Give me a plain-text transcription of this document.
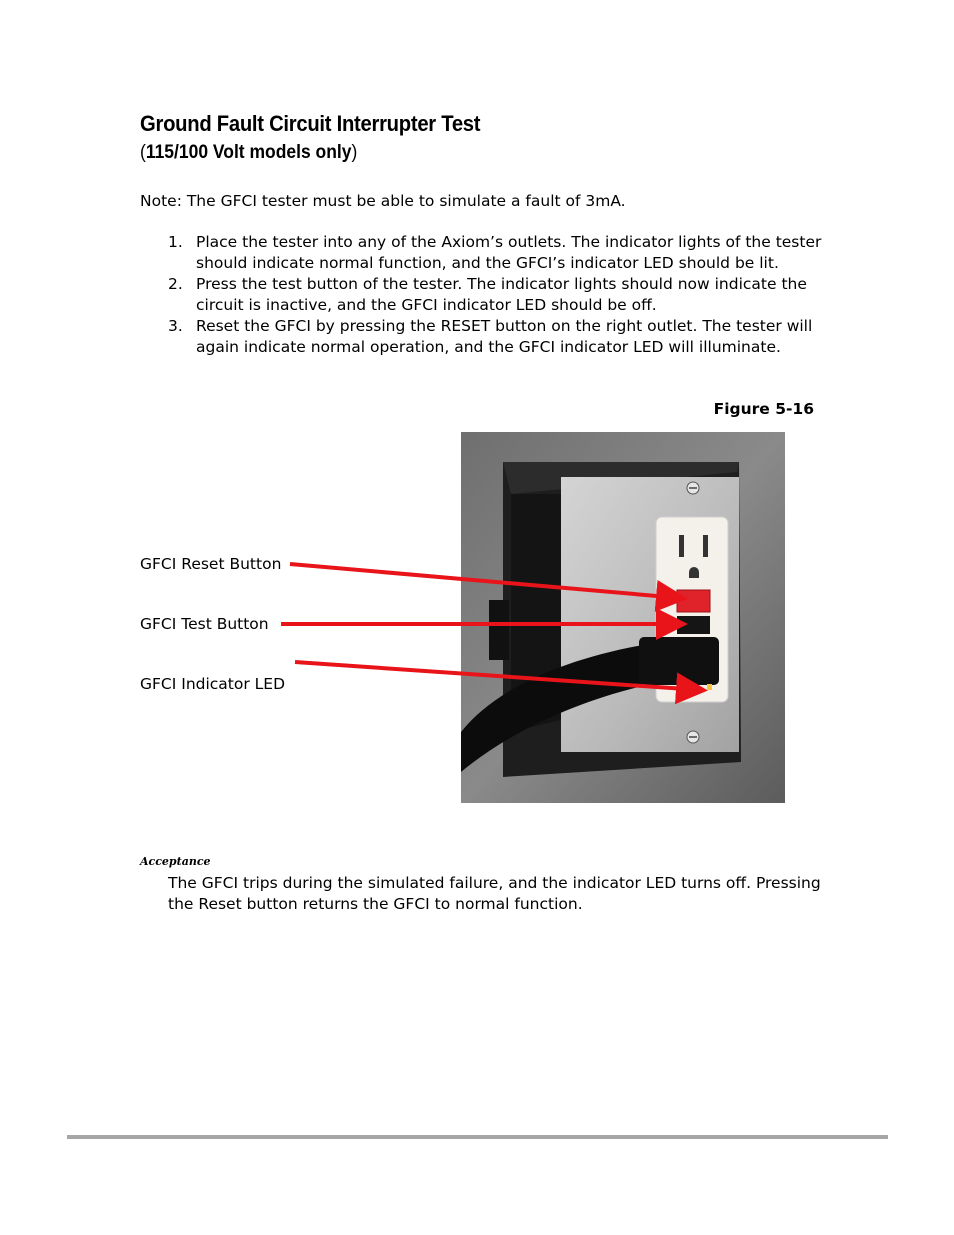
Ground Fault Circuit Interrupter Test
(115/100 Volt models only)
Note: The GFCI tester must be able to simulate a fault of 3mA.
1. Place the tester into any of the Axiom’s outlets. The indicator lights of the tester should indicate normal function, and the GFCI’s indicator LED should be lit.
2. Press the test button of the tester. The indicator lights should now indicate the circuit is inactive, and the GFCI indicator LED should be off.
3. Reset the GFCI by pressing the RESET button on the right outlet. The tester will again indicate normal operation, and the GFCI indicator LED will illuminate.
Figure 5-16
GFCI Reset Button
GFCI Test Button
GFCI Indicator LED
Acceptance
The GFCI trips during the simulated failure, and the indicator LED turns off. Pressing the Reset button returns the GFCI to normal function.
